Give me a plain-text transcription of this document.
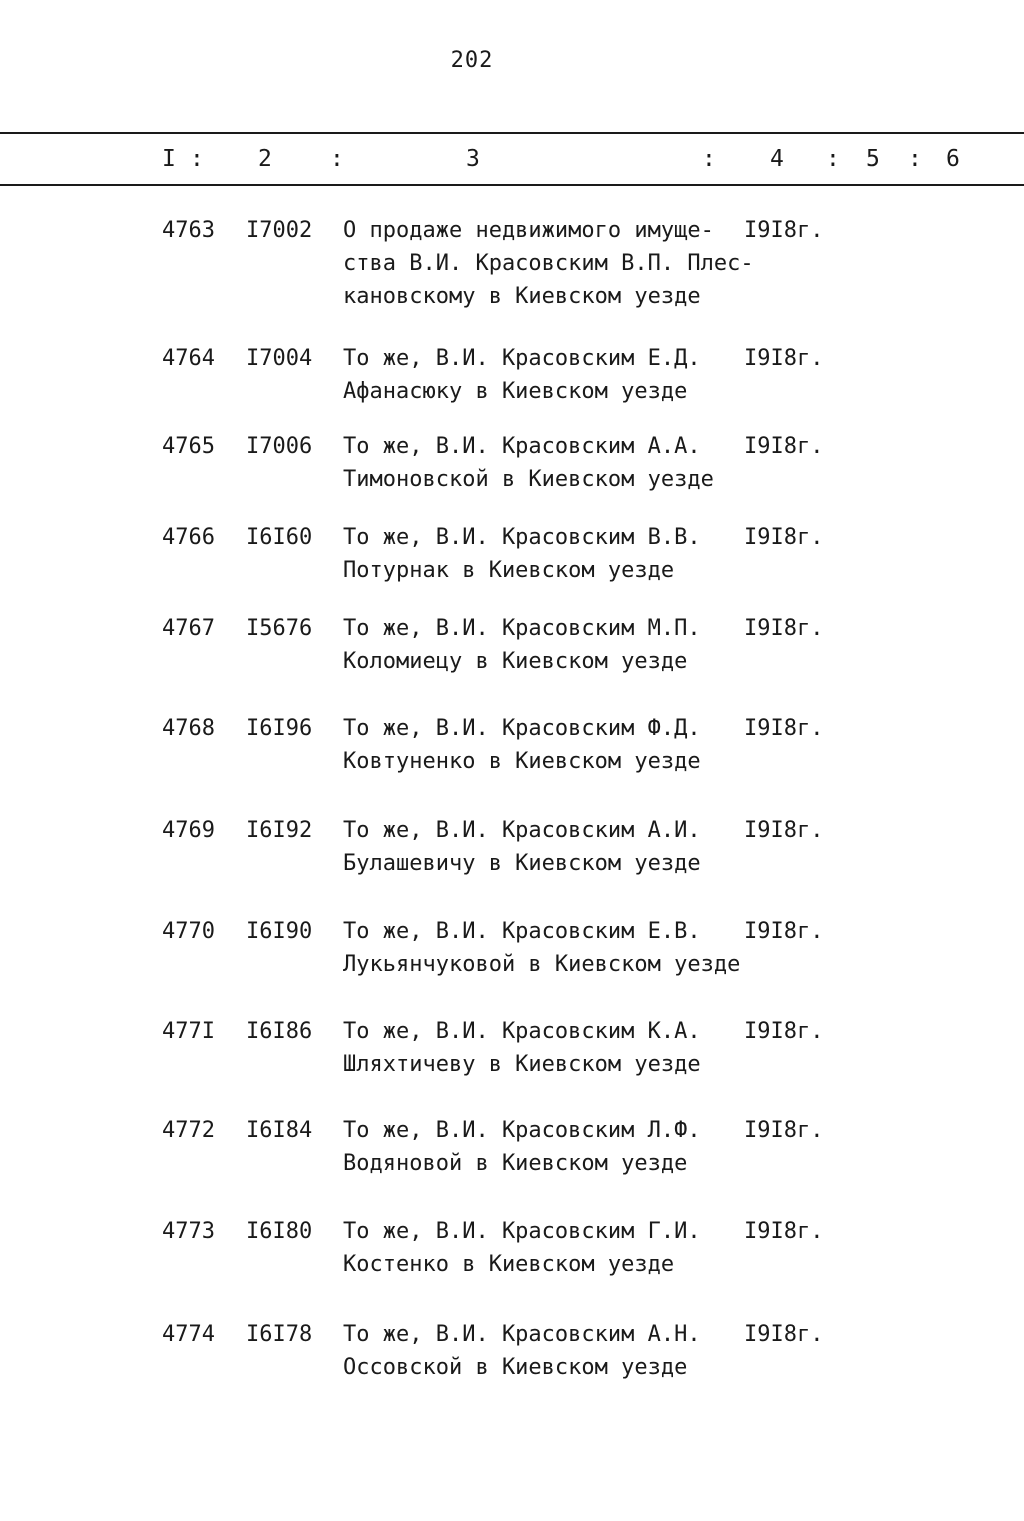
202
I : 2	:	3	: 4 : 5 : 6
4763 I7002 О продаже недвижимого имуще-
ства В.И. Красовским В.П. Плес-
кановскому в Киевском уезде
I9I8г.
4764 I7004 То же, В.И. Красовским Е.Д.
Афанасюку в Киевском уезде
I9I8г.
4765 I7006 То же, В.И. Красовским А.А.
Тимоновской в Киевском уезде
I9I8г.
4766 I6I60 То же, В.И. Красовским В.В.
Потурнак в Киевском уезде
I9I8г.
4767 I5676 То же, В.И. Красовским М.П.
Коломиецу в Киевском уезде
I9I8г.
4768 I6I96 То же, В.И. Красовским Ф.Д.
Ковтуненко в Киевском уезде
I9I8г.
4769 I6I92 То же, В.И. Красовским А.И.
Булашевичу в Киевском уезде
I9I8г.
4770 I6I90 То же, В.И. Красовским Е.В.
Лукьянчуковой в Киевском уезде
I9I8г.
477I I6I86 То же, В.И. Красовским К.А.
Шляхтичеву в Киевском уезде
I9I8г.
4772 I6I84 То же, В.И. Красовским Л.Ф.
Водяновой в Киевском уезде
I9I8г.
4773 I6I80 То же, В.И. Красовским Г.И.
Костенко в Киевском уезде
I9I8г.
4774 I6I78 То же, В.И. Красовским А.Н.
Оссовской в Киевском уезде
I9I8г.
